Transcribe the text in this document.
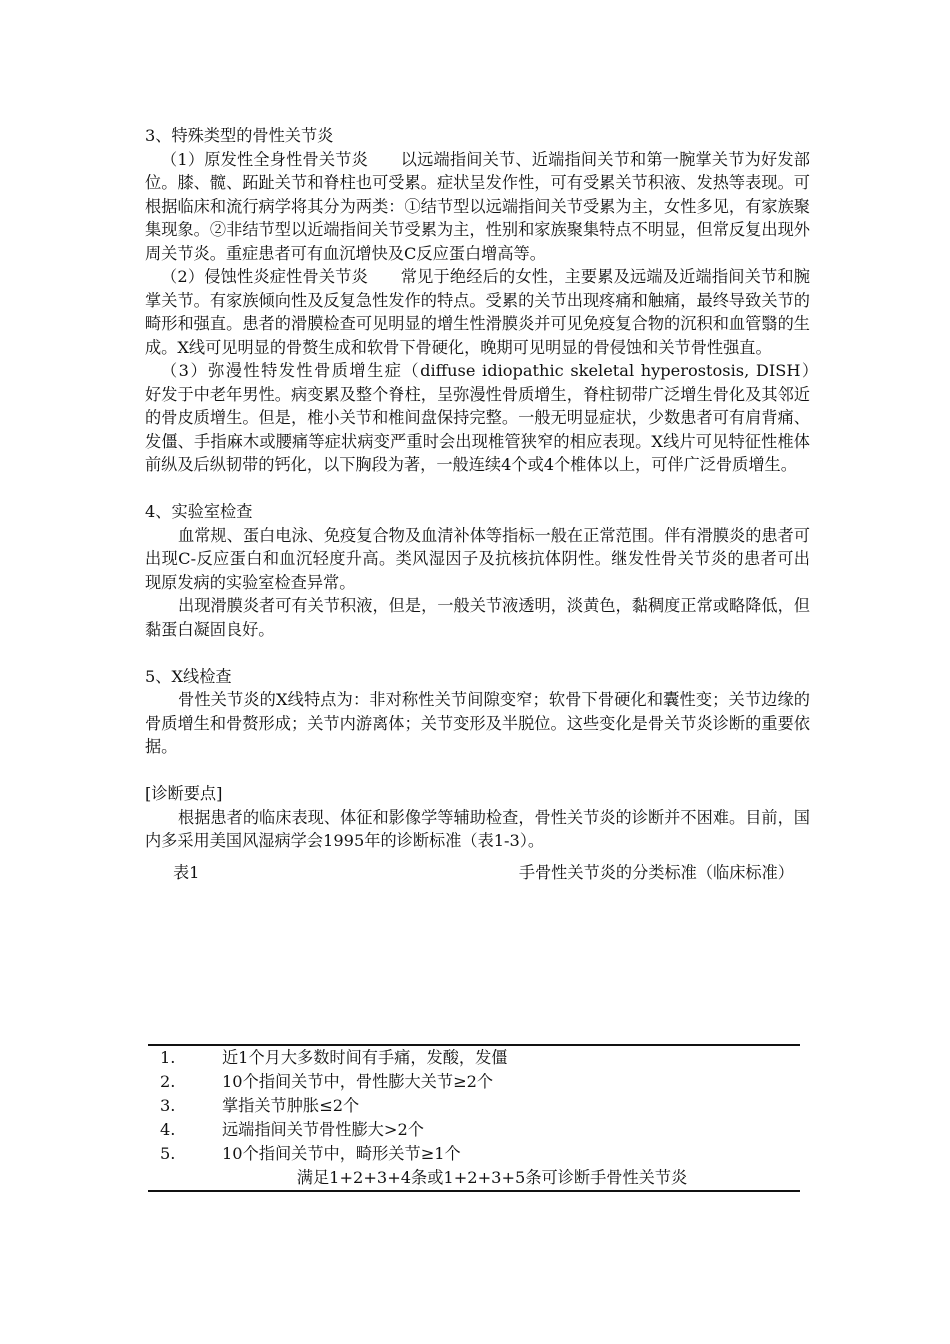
3、特殊类型的骨性关节炎

（1）原发性全身性骨关节炎　　以远端指间关节、近端指间关节和第一腕掌关节为好发部位。膝、髋、跖趾关节和脊柱也可受累。症状呈发作性，可有受累关节积液、发热等表现。可根据临床和流行病学将其分为两类：①结节型以远端指间关节受累为主，女性多见，有家族聚集现象。②非结节型以近端指间关节受累为主，性别和家族聚集特点不明显，但常反复出现外周关节炎。重症患者可有血沉增快及C反应蛋白增高等。

（2）侵蚀性炎症性骨关节炎　　常见于绝经后的女性，主要累及远端及近端指间关节和腕掌关节。有家族倾向性及反复急性发作的特点。受累的关节出现疼痛和触痛，最终导致关节的畸形和强直。患者的滑膜检查可见明显的增生性滑膜炎并可见免疫复合物的沉积和血管翳的生成。X线可见明显的骨赘生成和软骨下骨硬化，晚期可见明显的骨侵蚀和关节骨性强直。

（3）弥漫性特发性骨质增生症（diffuse idiopathic skeletal hyperostosis, DISH）　 好发于中老年男性。病变累及整个脊柱，呈弥漫性骨质增生，脊柱韧带广泛增生骨化及其邻近的骨皮质增生。但是，椎小关节和椎间盘保持完整。一般无明显症状，少数患者可有肩背痛、发僵、手指麻木或腰痛等症状病变严重时会出现椎管狭窄的相应表现。X线片可见特征性椎体前纵及后纵韧带的钙化，以下胸段为著，一般连续4个或4个椎体以上，可伴广泛骨质增生。

4、实验室检查

血常规、蛋白电泳、免疫复合物及血清补体等指标一般在正常范围。伴有滑膜炎的患者可出现C-反应蛋白和血沉轻度升高。类风湿因子及抗核抗体阴性。继发性骨关节炎的患者可出现原发病的实验室检查异常。

出现滑膜炎者可有关节积液，但是，一般关节液透明，淡黄色，黏稠度正常或略降低，但黏蛋白凝固良好。

5、X线检查

骨性关节炎的X线特点为：非对称性关节间隙变窄；软骨下骨硬化和囊性变；关节边缘的骨质增生和骨赘形成；关节内游离体；关节变形及半脱位。这些变化是骨关节炎诊断的重要依据。

[诊断要点]

根据患者的临床表现、体征和影像学等辅助检查，骨性关节炎的诊断并不困难。目前，国内多采用美国风湿病学会1995年的诊断标准（表1-3）。

表1	手骨性关节炎的分类标准（临床标准）
1.	近1个月大多数时间有手痛，发酸，发僵
2.	10个指间关节中，骨性膨大关节≥2个
3.	掌指关节肿胀≤2个
4.	远端指间关节骨性膨大>2个
5.	10个指间关节中，畸形关节≥1个
满足1+2+3+4条或1+2+3+5条可诊断手骨性关节炎	
